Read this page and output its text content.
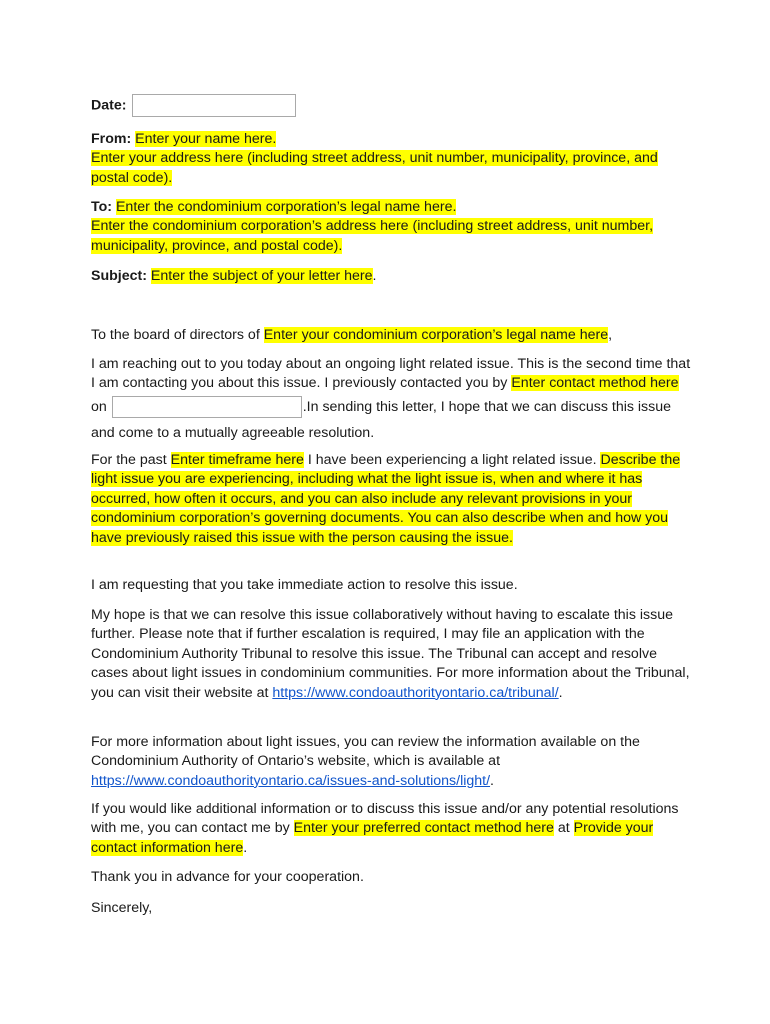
Date:

From: Enter your name here.
Enter your address here (including street address, unit number, municipality, province, and postal code).

To: Enter the condominium corporation’s legal name here.
Enter the condominium corporation’s address here (including street address, unit number, municipality, province, and postal code).

Subject: Enter the subject of your letter here.

To the board of directors of Enter your condominium corporation’s legal name here,

I am reaching out to you today about an ongoing light related issue. This is the second time that I am contacting you about this issue. I previously contacted you by Enter contact method here on	.In sending this letter, I hope that we can discuss this issue and come to a mutually agreeable resolution.

For the past Enter timeframe here I have been experiencing a light related issue. Describe the light issue you are experiencing, including what the light issue is, when and where it has occurred, how often it occurs, and you can also include any relevant provisions in your condominium corporation’s governing documents. You can also describe when and how you have previously raised this issue with the person causing the issue.

I am requesting that you take immediate action to resolve this issue.

My hope is that we can resolve this issue collaboratively without having to escalate this issue further. Please note that if further escalation is required, I may file an application with the Condominium Authority Tribunal to resolve this issue. The Tribunal can accept and resolve cases about light issues in condominium communities. For more information about the Tribunal, you can visit their website at https://www.condoauthorityontario.ca/tribunal/.

For more information about light issues, you can review the information available on the Condominium Authority of Ontario’s website, which is available at https://www.condoauthorityontario.ca/issues-and-solutions/light/.

If you would like additional information or to discuss this issue and/or any potential resolutions with me, you can contact me by Enter your preferred contact method here at Provide your contact information here.

Thank you in advance for your cooperation.

Sincerely,
